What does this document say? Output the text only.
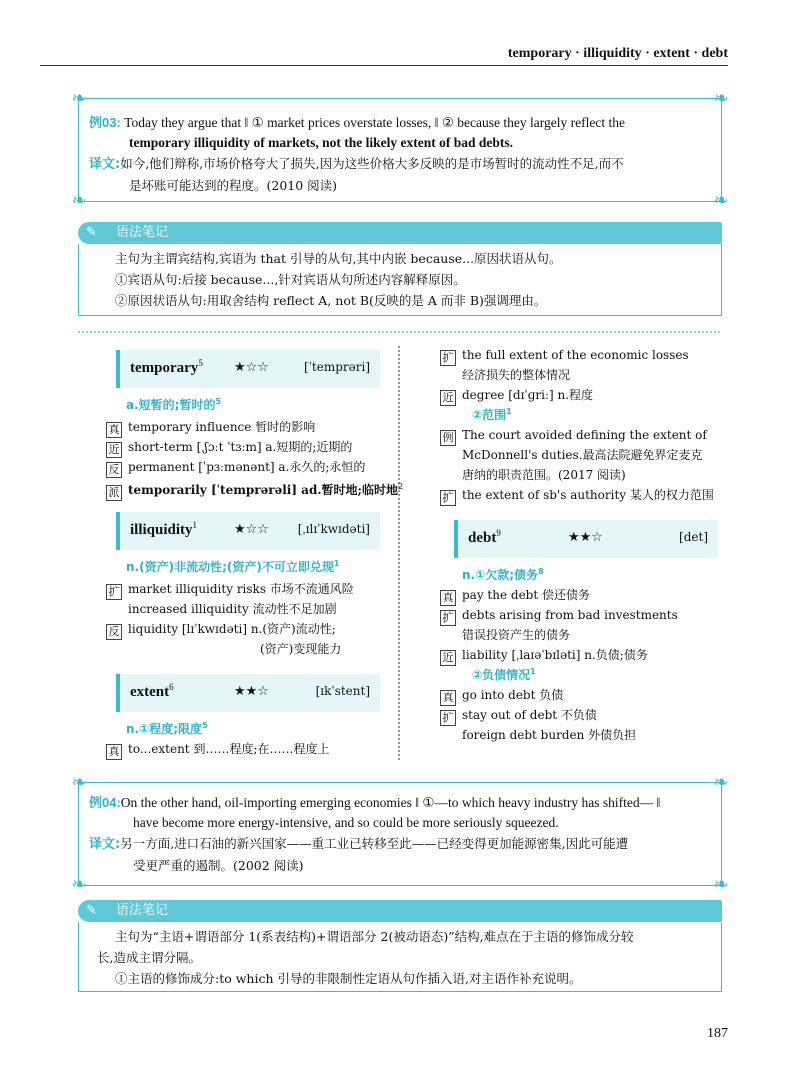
temporary · illiquidity · extent · debt
❧	❧
❧	❧
例03: Today they argue that ‖ ① market prices overstate losses, ‖ ② because they largely reflect the
temporary illiquidity of markets, not the likely extent of bad debts.
译文:如今,他们辩称,市场价格夸大了损失,因为这些价格大多反映的是市场暂时的流动性不足,而不
是坏账可能达到的程度。(2010 阅读)
✎ 语法笔记
主句为主谓宾结构,宾语为 that 引导的从句,其中内嵌 because...原因状语从句。
①宾语从句:后接 because...,针对宾语从句所述内容解释原因。
②原因状语从句:用取舍结构 reflect A, not B(反映的是 A 而非 B)强调理由。
temporary$^5$ ★☆☆	[ˈtemprəri]
a.短暂的;暂时的$^5$
真 temporary influence 暂时的影响
近 short-term [ˌʃɔːt ˈtɜːm] a.短期的;近期的
反 permanent [ˈpɜːmənənt] a.永久的;永恒的
派 temporarily [ˈtemprərəli] ad.暂时地;临时地$^2$
illiquidity$^1$	★☆☆ [ˌɪlɪˈkwɪdəti]
n.(资产)非流动性;(资产)不可立即兑现$^1$
扩 market illiquidity risks 市场不流通风险
increased illiquidity 流动性不足加剧
反 liquidity [lɪˈkwɪdəti] n.(资产)流动性;
(资产)变现能力
extent$^6$	★★☆	[ɪkˈstent]
n.①程度;限度$^5$
真 to...extent 到……程度;在……程度上
扩 the full extent of the economic losses
经济损失的整体情况
近 degree [dɪˈɡriː] n.程度
②范围$^1$
例 The court avoided defining the extent of
McDonnell's duties.最高法院避免界定麦克
唐纳的职责范围。(2017 阅读)
扩 the extent of sb's authority 某人的权力范围
debt$^9$	★★☆	[det]
n.①欠款;债务$^8$
真 pay the debt 偿还债务
扩 debts arising from bad investments
错误投资产生的债务
近 liability [ˌlaɪəˈbɪləti] n.负债;债务
②负债情况$^1$
真 go into debt 负债
扩 stay out of debt 不负债
foreign debt burden 外债负担
❧	❧
❧	❧
例04:On the other hand, oil-importing emerging economies ‖ ①—to which heavy industry has shifted— ‖
have become more energy-intensive, and so could be more seriously squeezed.
译文:另一方面,进口石油的新兴国家——重工业已转移至此——已经变得更加能源密集,因此可能遭
受更严重的遏制。(2002 阅读)
✎ 语法笔记
主句为“主语+谓语部分 1(系表结构)+谓语部分 2(被动语态)”结构,难点在于主语的修饰成分较
长,造成主谓分隔。
①主语的修饰成分:to which 引导的非限制性定语从句作插入语,对主语作补充说明。
187
